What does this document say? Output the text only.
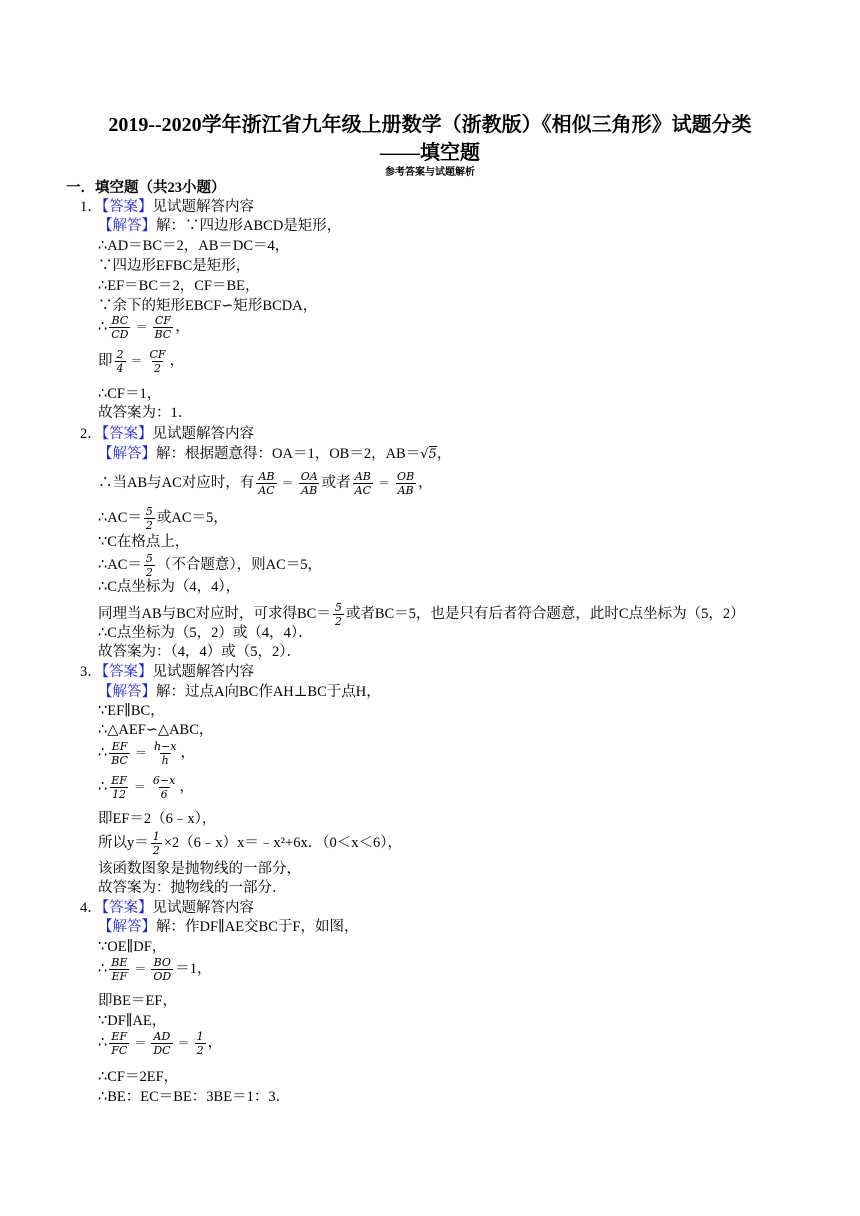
2019--2020学年浙江省九年级上册数学（浙教版）《相似三角形》试题分类
——填空题
参考答案与试题解析
一．填空题（共23小题）
1．【答案】见试题解答内容
【解答】解：∵四边形ABCD是矩形，
∴AD＝BC＝2，AB＝DC＝4，
∵四边形EFBC是矩形，
∴EF＝BC＝2，CF＝BE，
∵余下的矩形EBCF∽矩形BCDA，
∴ $\frac{BC}{CD} = \frac{CF}{BC}$ ，
即 $\frac{2}{4} = \frac{CF}{2}$ ，
∴CF＝1，
故答案为：1．
2．【答案】见试题解答内容
【解答】解：根据题意得：OA＝1，OB＝2，AB＝√5，
∴当AB与AC对应时，有 $\frac{AB}{AC} = \frac{OA}{AB}$ 或者 $\frac{AB}{AC} = \frac{OB}{AB}$ ，
∴AC＝ $\frac{5}{2}$ 或AC＝5，
∵C在格点上，
∴AC＝ $\frac{5}{2}$ （不合题意），则AC＝5，
∴C点坐标为（4，4），
同理当AB与BC对应时，可求得$BC= \frac{5}{2}$ 或者BC＝5，也是只有后者符合题意，此时C点坐标为（5，2）
∴C点坐标为（5，2）或（4，4）．
故答案为：（4，4）或（5，2）．
3．【答案】见试题解答内容
【解答】解：过点A向BC作AH⊥BC于点H，
∵EF∥BC，
∴△AEF∽△ABC，
∴ $\frac{EF}{BC} = \frac{h-x}{h}$ ，
∴ $\frac{EF}{12} = \frac{6-x}{6}$ ，
即EF＝2（6﹣x），
所以$y= \frac{1}{2}$ ×2（6﹣x）x＝﹣x²+6x．（0＜x＜6），
该函数图象是抛物线的一部分，
故答案为：抛物线的一部分．
4．【答案】见试题解答内容
【解答】解：作DF∥AE交BC于F，如图，
∵OE∥DF，
∴ $\frac{BE}{EF} = \frac{BO}{OD} =1$，
即BE＝EF，
∵DF∥AE，
∴ $\frac{EF}{FC} = \frac{AD}{DC} = \frac{1}{2}$ ，
∴CF＝2EF，
∴BE：EC＝BE：3BE＝1：3．
